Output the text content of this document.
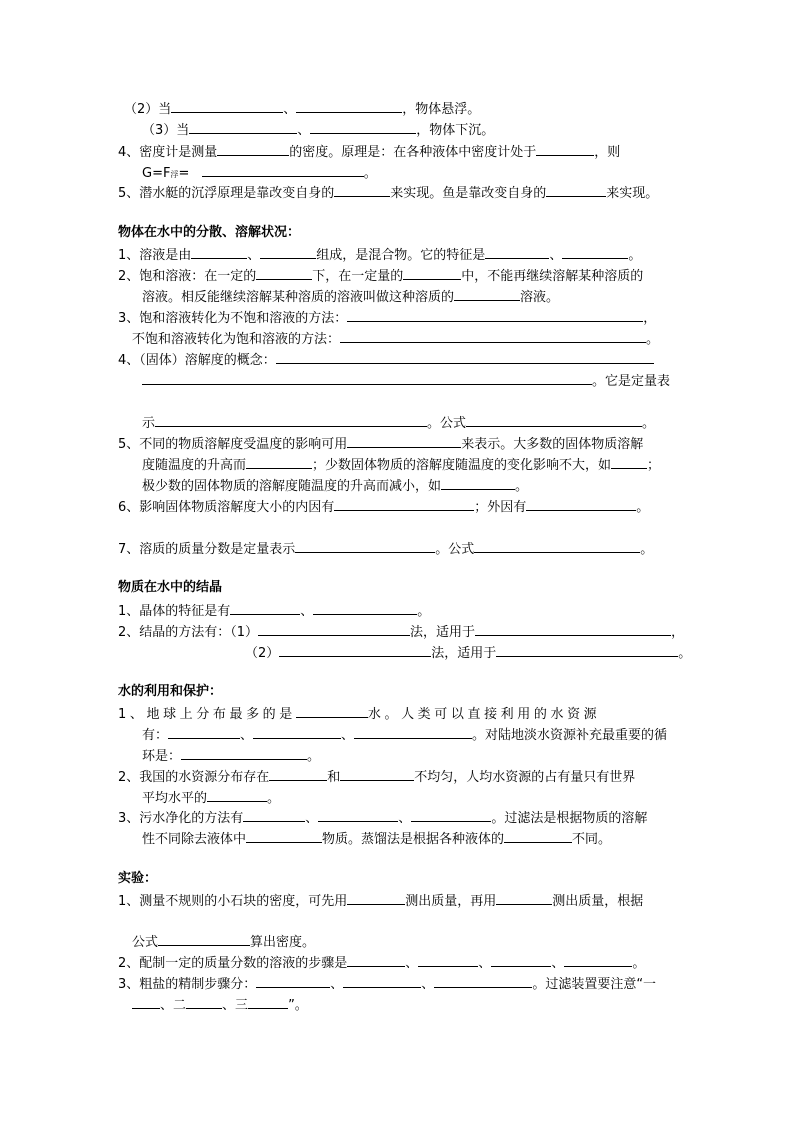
（2）当	、	，物体悬浮。
（3）当	、	，物体下沉。
4、密度计是测量	的密度。原理是：在各种液体中密度计处于	，则
G=F浮=	。
5、潜水艇的沉浮原理是靠改变自身的	来实现。鱼是靠改变自身的	来实现。
物体在水中的分散、溶解状况：
1、溶液是由	、	组成，是混合物。它的特征是	、	。
2、饱和溶液：在一定的	下，在一定量的	中，不能再继续溶解某种溶质的
溶液。相反能继续溶解某种溶质的溶液叫做这种溶质的	溶液。
3、饱和溶液转化为不饱和溶液的方法：	，
不饱和溶液转化为饱和溶液的方法：	。
4、（固体）溶解度的概念：
。它是定量表
示	。公式	。
5、不同的物质溶解度受温度的影响可用	来表示。大多数的固体物质溶解
度随温度的升高而	；少数固体物质的溶解度随温度的变化影响不大，如	；
极少数的固体物质的溶解度随温度的升高而减小，如	。
6、影响固体物质溶解度大小的内因有	；外因有	。
7、溶质的质量分数是定量表示	。公式	。
物质在水中的结晶
1、晶体的特征是有	、	。
2、结晶的方法有：（1）	法，适用于	，
（2）	法，适用于	。
水的利用和保护：
1、地球上分布最多的是	水。人类可以直接利用的水资源
有：	、	、	。对陆地淡水资源补充最重要的循
环是：	。
2、我国的水资源分布存在	和	不均匀，人均水资源的占有量只有世界
平均水平的	。
3、污水净化的方法有	、	、	。过滤法是根据物质的溶解
性不同除去液体中	物质。蒸馏法是根据各种液体的	不同。
实验：
1、测量不规则的小石块的密度，可先用	测出质量，再用	测出质量，根据
公式	算出密度。
2、配制一定的质量分数的溶液的步骤是	、	、	、	。
3、粗盐的精制步骤分：	、	、	。过滤装置要注意“一
、二	、三	”。
